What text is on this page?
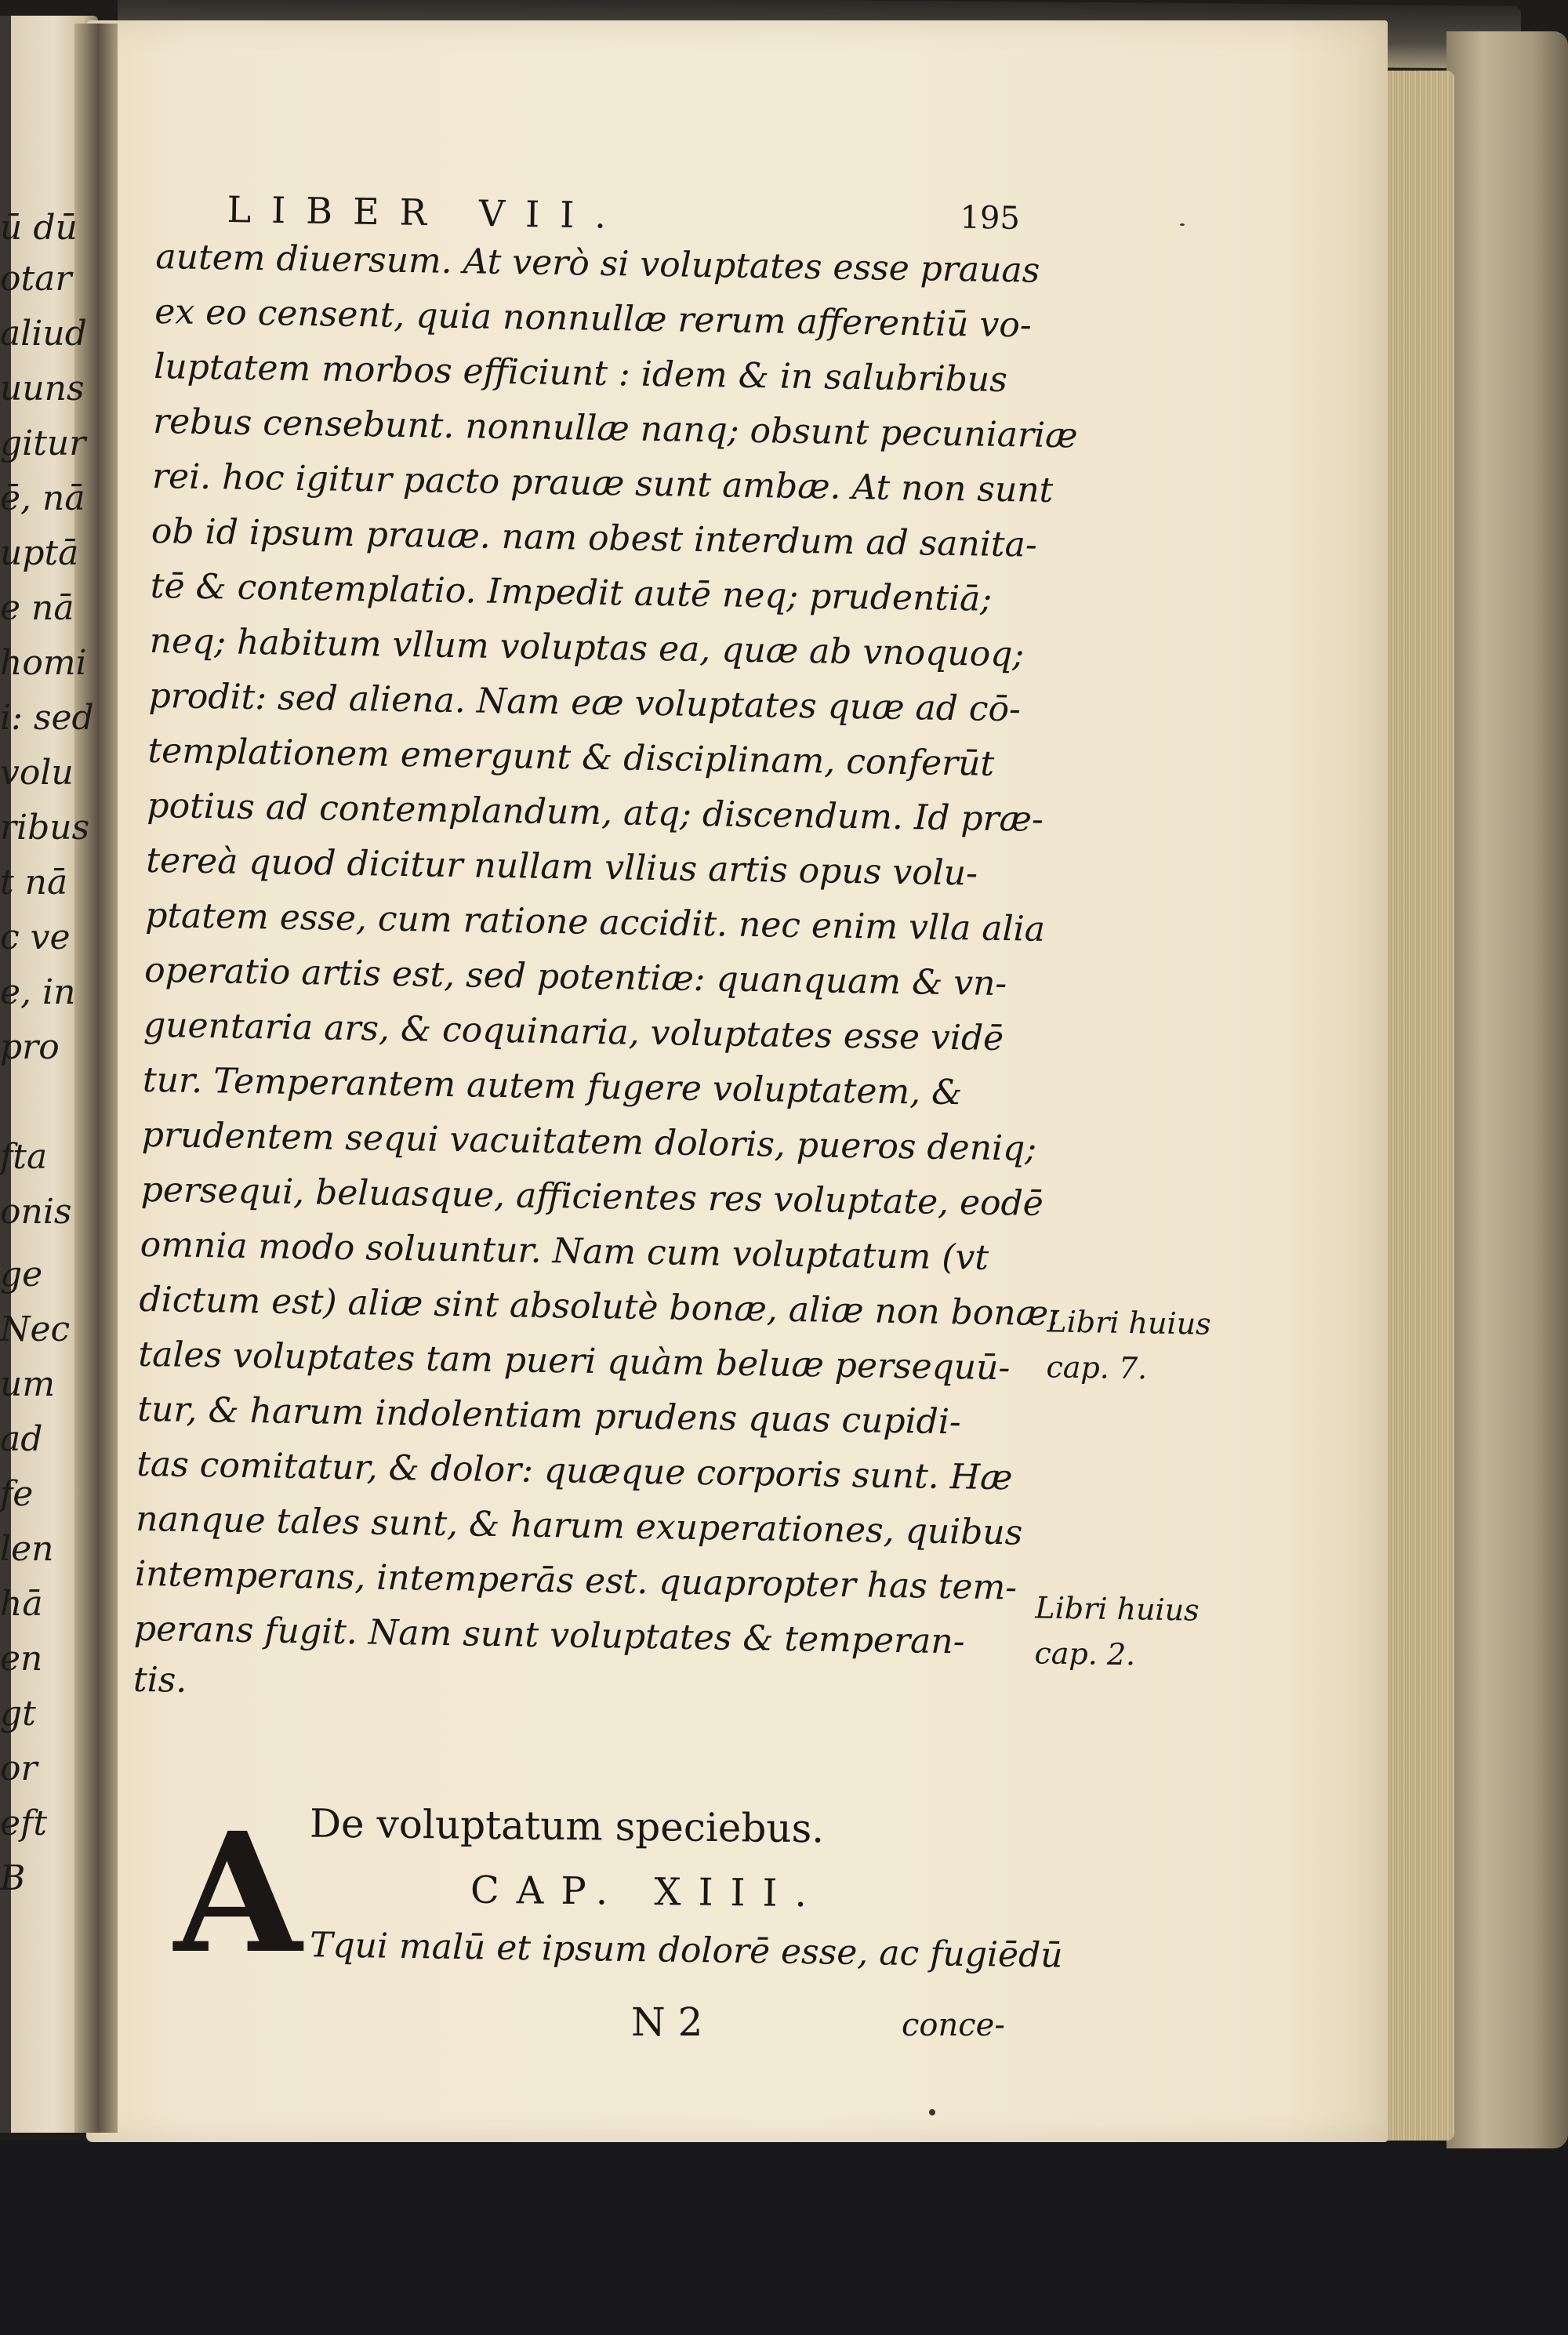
ū dū
otar
aliud
uuns
gitur
ē, nā
uptā
e nā
homi
i: sed
volu
ribus
t nā
c ve
e, in
pro
fta
onis
ge
Nec
um
ad
fe
len
hā
en
gt
or
eft
B
LIBER VII.	195
autem diuersum. At verò si voluptates esse prauas
ex eo censent, quia nonnullæ rerum afferentiū vo-
luptatem morbos efficiunt : idem & in salubribus
rebus censebunt. nonnullæ nanq; obsunt pecuniariæ
rei. hoc igitur pacto prauæ sunt ambæ. At non sunt
ob id ipsum prauæ. nam obest interdum ad sanita-
tē & contemplatio. Impedit autē neq; prudentiā;
neq; habitum vllum voluptas ea, quæ ab vnoquoq;
prodit: sed aliena. Nam eæ voluptates quæ ad cō-
templationem emergunt & disciplinam, conferūt
potius ad contemplandum, atq; discendum. Id præ-
tereà quod dicitur nullam vllius artis opus volu-
ptatem esse, cum ratione accidit. nec enim vlla alia
operatio artis est, sed potentiæ: quanquam & vn-
guentaria ars, & coquinaria, voluptates esse vidē
tur. Temperantem autem fugere voluptatem, &
prudentem sequi vacuitatem doloris, pueros deniq;
persequi, beluasque, afficientes res voluptate, eodē
omnia modo soluuntur. Nam cum voluptatum (vt
dictum est) aliæ sint absolutè bonæ, aliæ non bonæ:
tales voluptates tam pueri quàm beluæ persequū-
tur, & harum indolentiam prudens quas cupidi-
tas comitatur, & dolor: quæque corporis sunt. Hæ
nanque tales sunt, & harum exuperationes, quibus
intemperans, intemperās est. quapropter has tem-
perans fugit. Nam sunt voluptates & temperan-
tis.
Libri huius
cap. 7.
Libri huius
cap. 2.
A De voluptatum speciebus.
CAP. XIII.
Tqui malū et ipsum dolorē esse, ac fugiēdū
N 2	conce-
